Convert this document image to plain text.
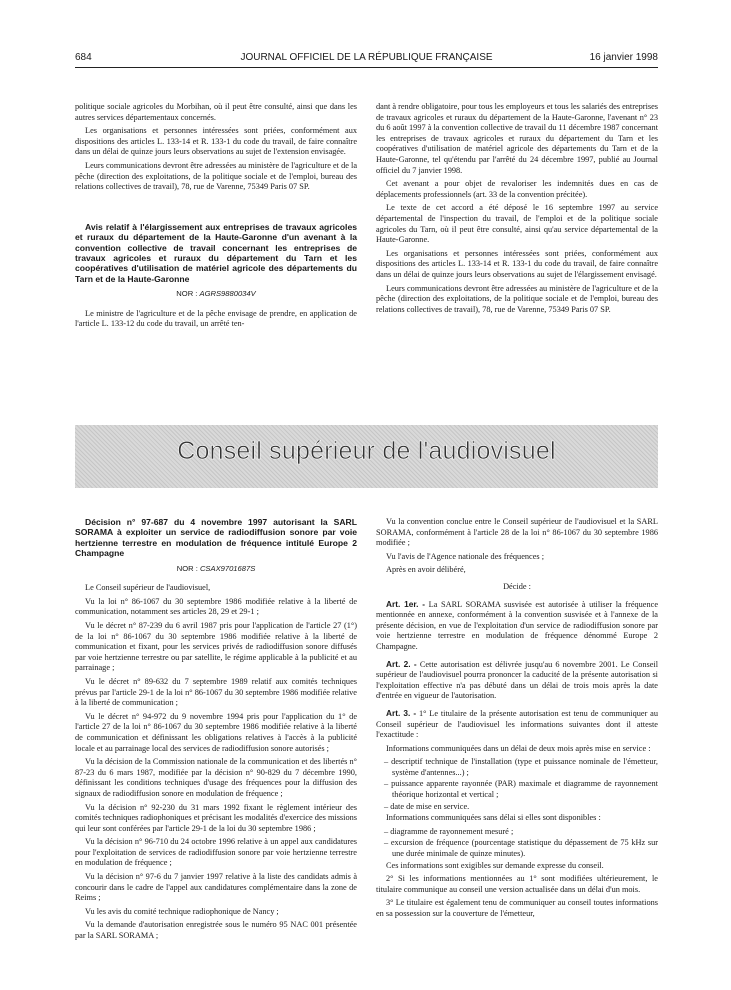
684	JOURNAL OFFICIEL DE LA RÉPUBLIQUE FRANÇAISE	16 janvier 1998

politique sociale agricoles du Morbihan, où il peut être consulté, ainsi que dans les autres services départementaux concernés.

Les organisations et personnes intéressées sont priées, conformément aux dispositions des articles L. 133-14 et R. 133-1 du code du travail, de faire connaître dans un délai de quinze jours leurs observations au sujet de l'extension envisagée.

Leurs communications devront être adressées au ministère de l'agriculture et de la pêche (direction des exploitations, de la politique sociale et de l'emploi, bureau des relations collectives de travail), 78, rue de Varenne, 75349 Paris 07 SP.

Avis relatif à l'élargissement aux entreprises de travaux agricoles et ruraux du département de la Haute-Garonne d'un avenant à la convention collective de travail concernant les entreprises de travaux agricoles et ruraux du département du Tarn et les coopératives d'utilisation de matériel agricole des départements du Tarn et de la Haute-Garonne

NOR : AGRS9880034V

Le ministre de l'agriculture et de la pêche envisage de prendre, en application de l'article L. 133-12 du code du travail, un arrêté ten-

dant à rendre obligatoire, pour tous les employeurs et tous les salariés des entreprises de travaux agricoles et ruraux du département de la Haute-Garonne, l'avenant n° 23 du 6 août 1997 à la convention collective de travail du 11 décembre 1987 concernant les entreprises de travaux agricoles et ruraux du département du Tarn et les coopératives d'utilisation de matériel agricole des départements du Tarn et de la Haute-Garonne, tel qu'étendu par l'arrêté du 24 décembre 1997, publié au Journal officiel du 7 janvier 1998.

Cet avenant a pour objet de revaloriser les indemnités dues en cas de déplacements professionnels (art. 33 de la convention précitée).

Le texte de cet accord a été déposé le 16 septembre 1997 au service départemental de l'inspection du travail, de l'emploi et de la politique sociale agricoles du Tarn, où il peut être consulté, ainsi qu'au service départemental de la Haute-Garonne.

Les organisations et personnes intéressées sont priées, conformément aux dispositions des articles L. 133-14 et R. 133-1 du code du travail, de faire connaître dans un délai de quinze jours leurs observations au sujet de l'élargissement envisagé.

Leurs communications devront être adressées au ministère de l'agriculture et de la pêche (direction des exploitations, de la politique sociale et de l'emploi, bureau des relations collectives de travail), 78, rue de Varenne, 75349 Paris 07 SP.

Conseil supérieur de l'audiovisuel

Décision n° 97-687 du 4 novembre 1997 autorisant la SARL SORAMA à exploiter un service de radiodiffusion sonore par voie hertzienne terrestre en modulation de fréquence intitulé Europe 2 Champagne

NOR : CSAX9701687S

Le Conseil supérieur de l'audiovisuel,

Vu la loi n° 86-1067 du 30 septembre 1986 modifiée relative à la liberté de communication, notamment ses articles 28, 29 et 29-1 ;

Vu le décret n° 87-239 du 6 avril 1987 pris pour l'application de l'article 27 (1°) de la loi n° 86-1067 du 30 septembre 1986 modifiée relative à la liberté de communication et fixant, pour les services privés de radiodiffusion sonore diffusés par voie hertzienne terrestre ou par satellite, le régime applicable à la publicité et au parrainage ;

Vu le décret n° 89-632 du 7 septembre 1989 relatif aux comités techniques prévus par l'article 29-1 de la loi n° 86-1067 du 30 septembre 1986 modifiée relative à la liberté de communication ;

Vu le décret n° 94-972 du 9 novembre 1994 pris pour l'application du 1° de l'article 27 de la loi n° 86-1067 du 30 septembre 1986 modifiée relative à la liberté de communication et définissant les obligations relatives à l'accès à la publicité locale et au parrainage local des services de radiodiffusion sonore autorisés ;

Vu la décision de la Commission nationale de la communication et des libertés n° 87-23 du 6 mars 1987, modifiée par la décision n° 90-829 du 7 décembre 1990, définissant les conditions techniques d'usage des fréquences pour la diffusion des signaux de radiodiffusion sonore en modulation de fréquence ;

Vu la décision n° 92-230 du 31 mars 1992 fixant le règlement intérieur des comités techniques radiophoniques et précisant les modalités d'exercice des missions qui leur sont conférées par l'article 29-1 de la loi du 30 septembre 1986 ;

Vu la décision n° 96-710 du 24 octobre 1996 relative à un appel aux candidatures pour l'exploitation de services de radiodiffusion sonore par voie hertzienne terrestre en modulation de fréquence ;

Vu la décision n° 97-6 du 7 janvier 1997 relative à la liste des candidats admis à concourir dans le cadre de l'appel aux candidatures complémentaire dans la zone de Reims ;

Vu les avis du comité technique radiophonique de Nancy ;

Vu la demande d'autorisation enregistrée sous le numéro 95 NAC 001 présentée par la SARL SORAMA ;

Vu la convention conclue entre le Conseil supérieur de l'audiovisuel et la SARL SORAMA, conformément à l'article 28 de la loi n° 86-1067 du 30 septembre 1986 modifiée ;

Vu l'avis de l'Agence nationale des fréquences ;

Après en avoir délibéré,

Décide :

Art. 1er. - La SARL SORAMA susvisée est autorisée à utiliser la fréquence mentionnée en annexe, conformément à la convention susvisée et à l'annexe de la présente décision, en vue de l'exploitation d'un service de radiodiffusion sonore par voie hertzienne terrestre en modulation de fréquence dénommé Europe 2 Champagne.

Art. 2. - Cette autorisation est délivrée jusqu'au 6 novembre 2001. Le Conseil supérieur de l'audiovisuel pourra prononcer la caducité de la présente autorisation si l'exploitation effective n'a pas débuté dans un délai de trois mois après la date d'entrée en vigueur de l'autorisation.

Art. 3. - 1° Le titulaire de la présente autorisation est tenu de communiquer au Conseil supérieur de l'audiovisuel les informations suivantes dont il atteste l'exactitude :

Informations communiquées dans un délai de deux mois après mise en service :

– descriptif technique de l'installation (type et puissance nominale de l'émetteur, système d'antennes...) ;

– puissance apparente rayonnée (PAR) maximale et diagramme de rayonnement théorique horizontal et vertical ;

– date de mise en service.

Informations communiquées sans délai si elles sont disponibles :

– diagramme de rayonnement mesuré ;

– excursion de fréquence (pourcentage statistique du dépassement de 75 kHz sur une durée minimale de quinze minutes).

Ces informations sont exigibles sur demande expresse du conseil.

2° Si les informations mentionnées au 1° sont modifiées ultérieurement, le titulaire communique au conseil une version actualisée dans un délai d'un mois.

3° Le titulaire est également tenu de communiquer au conseil toutes informations en sa possession sur la couverture de l'émetteur,
